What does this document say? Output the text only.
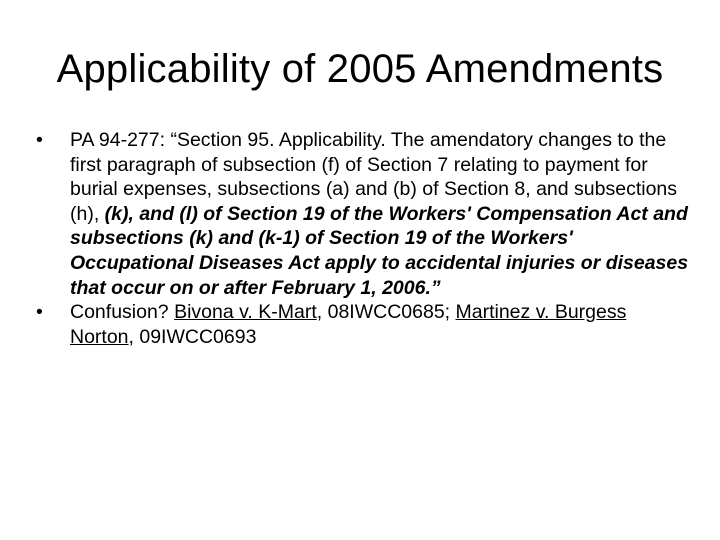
Applicability of 2005 Amendments
• PA 94-277: “Section 95. Applicability. The amendatory changes to the first paragraph of subsection (f) of Section 7 relating to payment for burial expenses, subsections (a) and (b) of Section 8, and subsections (h), (k), and (l) of Section 19 of the Workers' Compensation Act and subsections (k) and (k-1) of Section 19 of the Workers' Occupational Diseases Act apply to accidental injuries or diseases that occur on or after February 1, 2006.”
• Confusion? Bivona v. K-Mart, 08IWCC0685; Martinez v. Burgess Norton, 09IWCC0693
